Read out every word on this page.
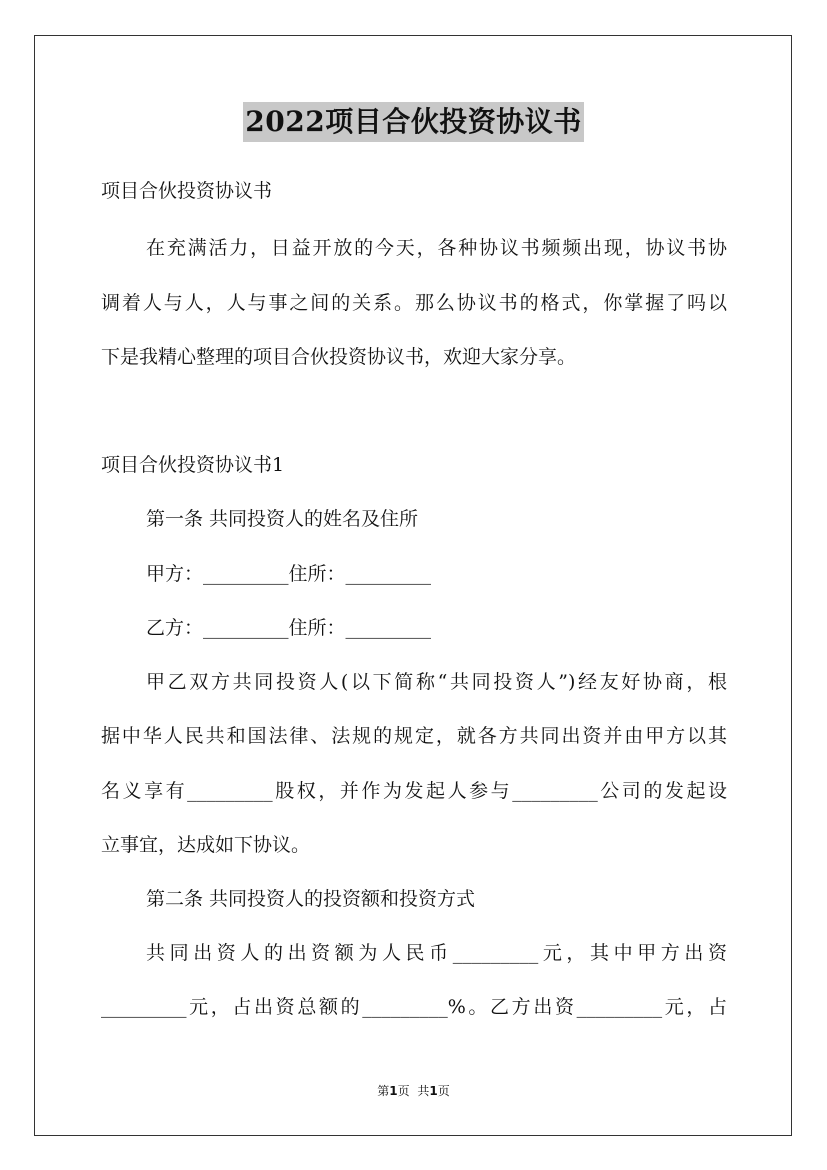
2022项目合伙投资协议书
项目合伙投资协议书
在充满活力，日益开放的今天，各种协议书频频出现，协议书协
调着人与人，人与事之间的关系。那么协议书的格式，你掌握了吗以
下是我精心整理的项目合伙投资协议书，欢迎大家分享。
项目合伙投资协议书1
第一条 共同投资人的姓名及住所
甲方：_________住所：_________
乙方：_________住所：_________
甲乙双方共同投资人(以下简称“共同投资人”)经友好协商，根
据中华人民共和国法律、法规的规定，就各方共同出资并由甲方以其
名义享有_________股权，并作为发起人参与_________公司的发起设
立事宜，达成如下协议。
第二条 共同投资人的投资额和投资方式
共同出资人的出资额为人民币_________元，其中甲方出资
_________元，占出资总额的_________%。乙方出资_________元，占
第1页 共1页
